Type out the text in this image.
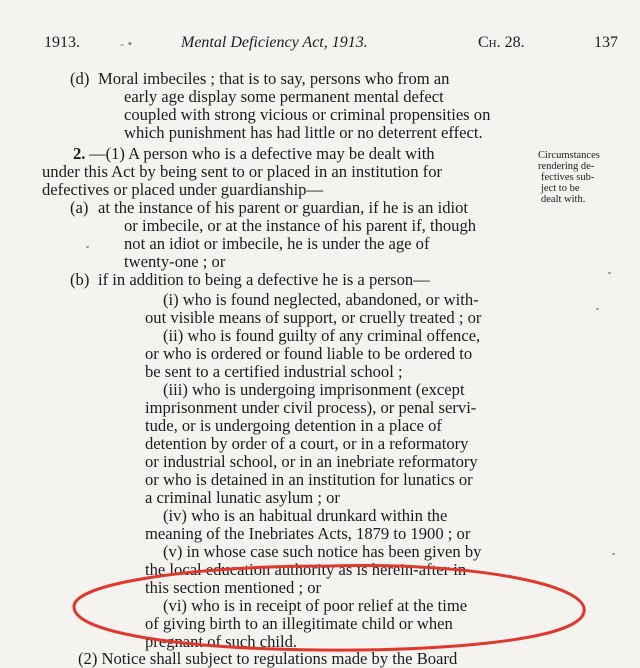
1913.	- •	Mental Deficiency Act, 1913.	Ch. 28.	137
(d) Moral imbeciles ; that is to say, persons who from an
early age display some permanent mental defect
coupled with strong vicious or criminal propensities on
which punishment has had little or no deterrent effect.
2. —(1) A person who is a defective may be dealt with
under this Act by being sent to or placed in an institution for
defectives or placed under guardianship—
Circumstances
rendering de-
fectives sub-
ject to be
dealt with.
(a) at the instance of his parent or guardian, if he is an idiot
or imbecile, or at the instance of his parent if, though
not an idiot or imbecile, he is under the age of
twenty-one ; or
(b) if in addition to being a defective he is a person—
(i) who is found neglected, abandoned, or with-
out visible means of support, or cruelly treated ; or
(ii) who is found guilty of any criminal offence,
or who is ordered or found liable to be ordered to
be sent to a certified industrial school ;
(iii) who is undergoing imprisonment (except
imprisonment under civil process), or penal servi-
tude, or is undergoing detention in a place of
detention by order of a court, or in a reformatory
or industrial school, or in an inebriate reformatory
or who is detained in an institution for lunatics or
a criminal lunatic asylum ; or
(iv) who is an habitual drunkard within the
meaning of the Inebriates Acts, 1879 to 1900 ; or
(v) in whose case such notice has been given by
the local education authority as is herein-after in
this section mentioned ; or
(vi) who is in receipt of poor relief at the time
of giving birth to an illegitimate child or when
pregnant of such child.
(2) Notice shall subject to regulations made by the Board
